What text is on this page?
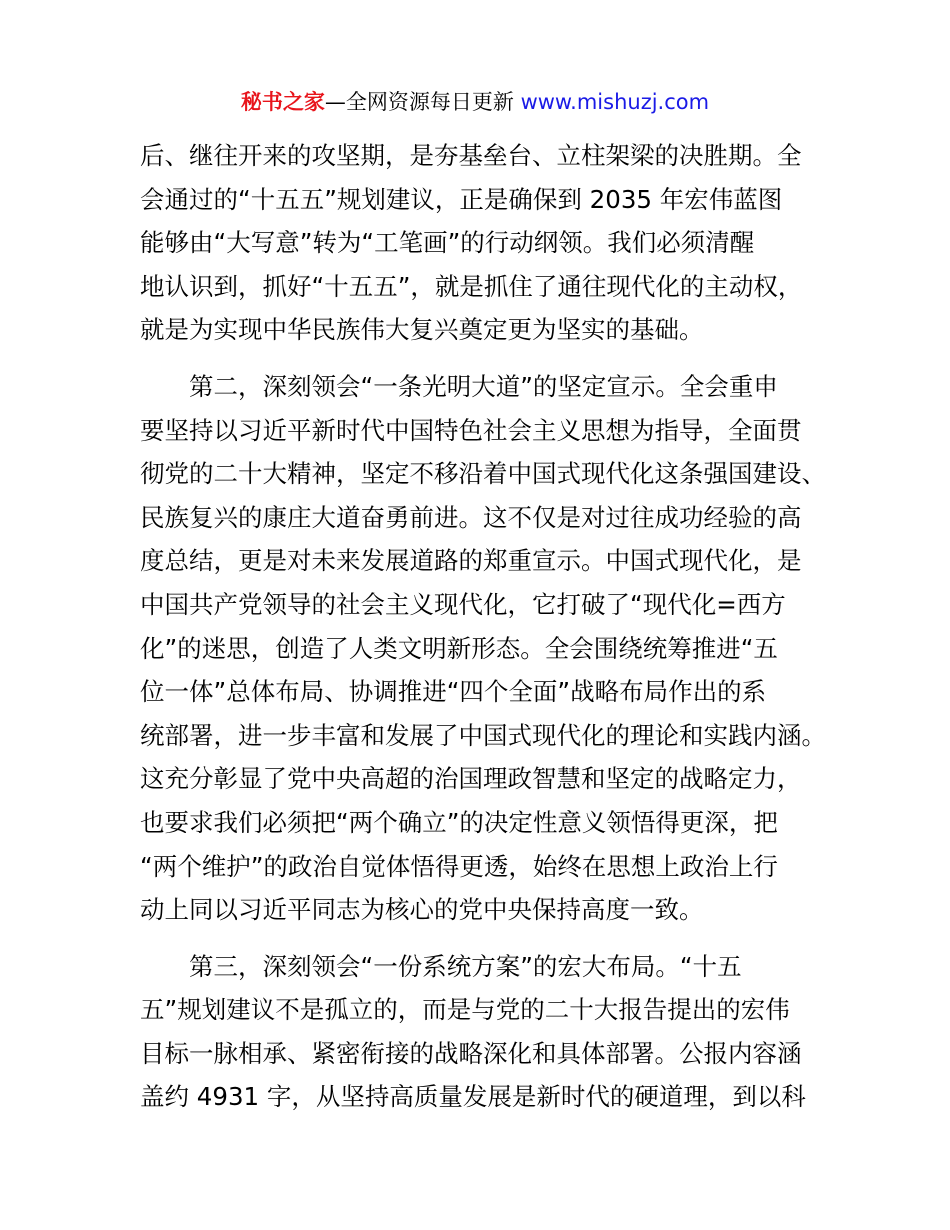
秘书之家—全网资源每日更新 www.mishuzj.com
后、继往开来的攻坚期，是夯基垒台、立柱架梁的决胜期。全
会通过的“十五五”规划建议，正是确保到 2035 年宏伟蓝图
能够由“大写意”转为“工笔画”的行动纲领。我们必须清醒
地认识到，抓好“十五五”，就是抓住了通往现代化的主动权，
就是为实现中华民族伟大复兴奠定更为坚实的基础。
　　第二，深刻领会“一条光明大道”的坚定宣示。全会重申
要坚持以习近平新时代中国特色社会主义思想为指导，全面贯
彻党的二十大精神，坚定不移沿着中国式现代化这条强国建设、
民族复兴的康庄大道奋勇前进。这不仅是对过往成功经验的高
度总结，更是对未来发展道路的郑重宣示。中国式现代化，是
中国共产党领导的社会主义现代化，它打破了“现代化=西方
化”的迷思，创造了人类文明新形态。全会围绕统筹推进“五
位一体”总体布局、协调推进“四个全面”战略布局作出的系
统部署，进一步丰富和发展了中国式现代化的理论和实践内涵。
这充分彰显了党中央高超的治国理政智慧和坚定的战略定力，
也要求我们必须把“两个确立”的决定性意义领悟得更深，把
“两个维护”的政治自觉体悟得更透，始终在思想上政治上行
动上同以习近平同志为核心的党中央保持高度一致。
　　第三，深刻领会“一份系统方案”的宏大布局。“十五
五”规划建议不是孤立的，而是与党的二十大报告提出的宏伟
目标一脉相承、紧密衔接的战略深化和具体部署。公报内容涵
盖约 4931 字，从坚持高质量发展是新时代的硬道理，到以科
